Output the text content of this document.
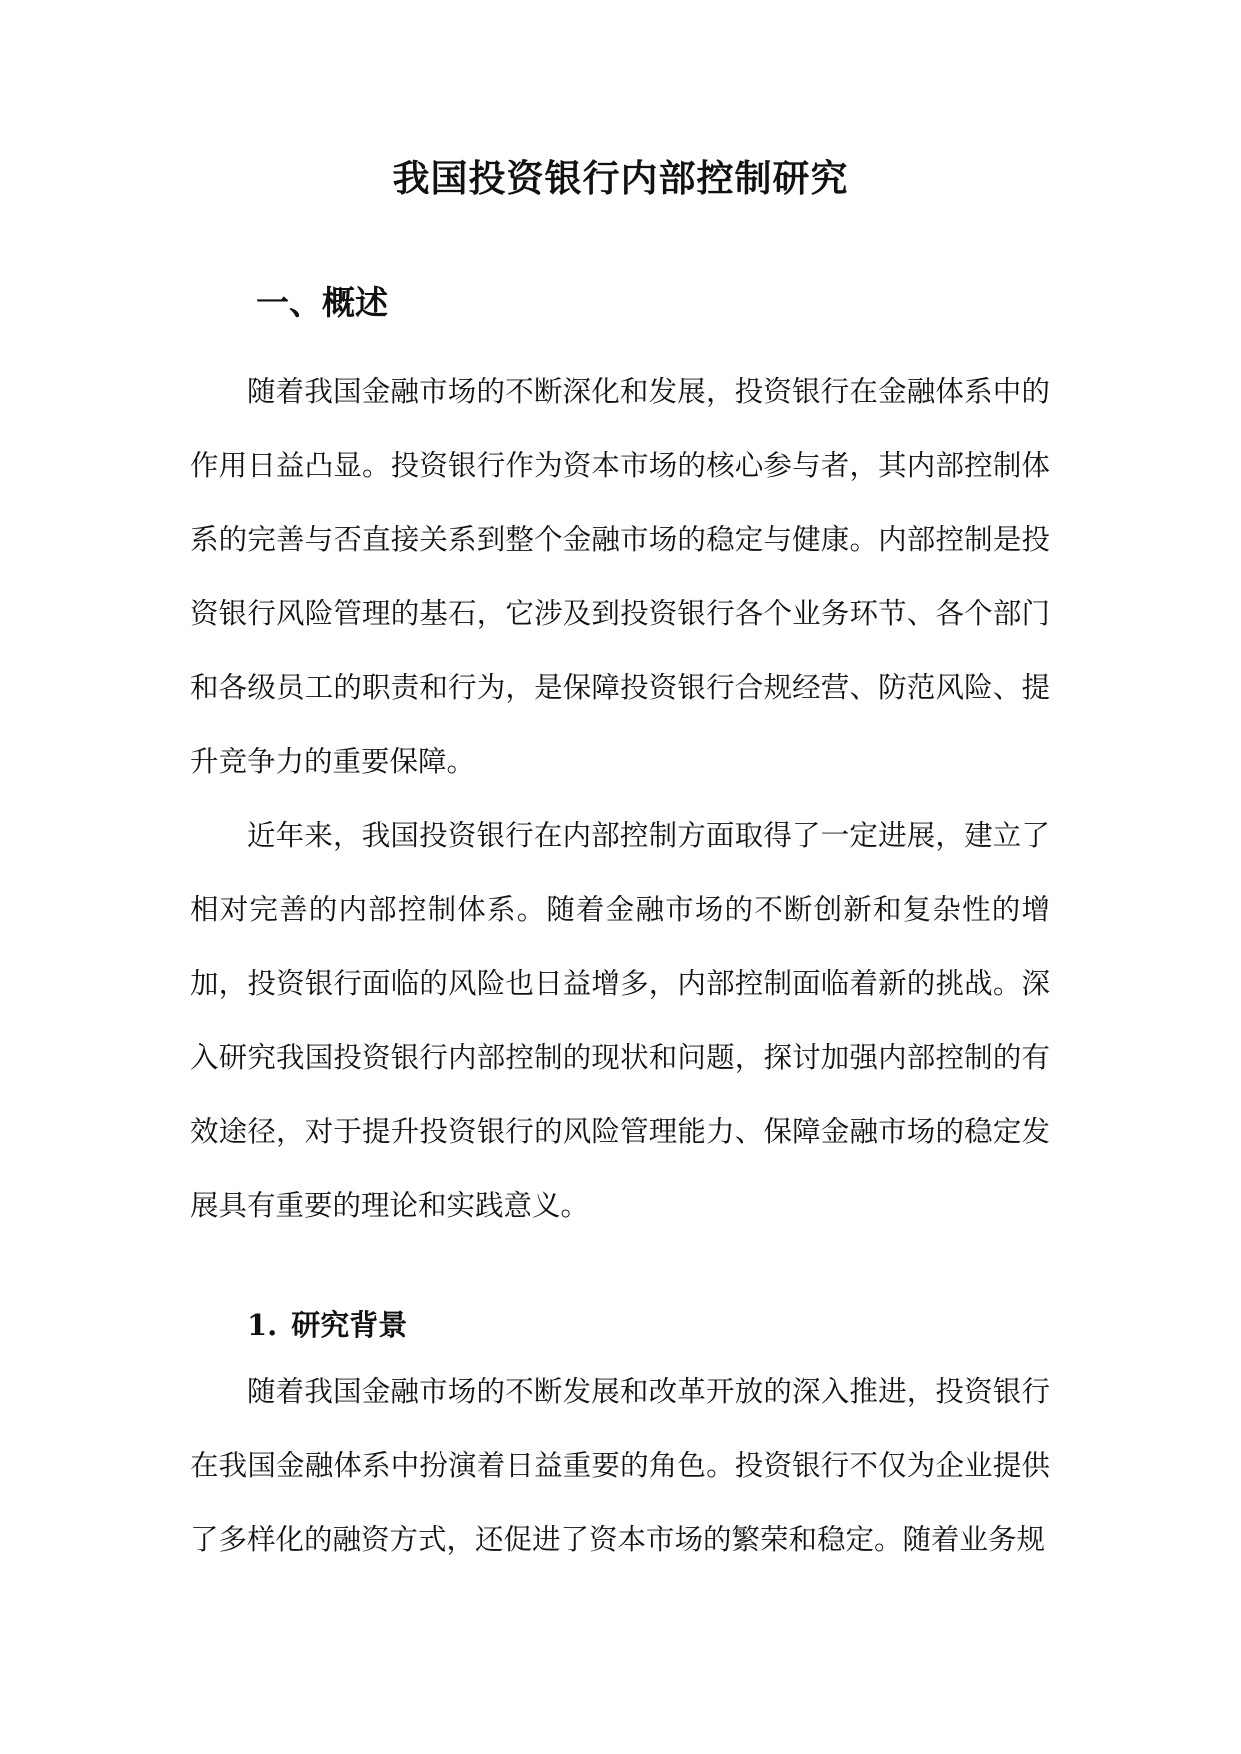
我国投资银行内部控制研究
一、概述

随着我国金融市场的不断深化和发展，投资银行在金融体系中的作用日益凸显。投资银行作为资本市场的核心参与者，其内部控制体系的完善与否直接关系到整个金融市场的稳定与健康。内部控制是投资银行风险管理的基石，它涉及到投资银行各个业务环节、各个部门和各级员工的职责和行为，是保障投资银行合规经营、防范风险、提升竞争力的重要保障。

近年来，我国投资银行在内部控制方面取得了一定进展，建立了相对完善的内部控制体系。随着金融市场的不断创新和复杂性的增加，投资银行面临的风险也日益增多，内部控制面临着新的挑战。深入研究我国投资银行内部控制的现状和问题，探讨加强内部控制的有效途径，对于提升投资银行的风险管理能力、保障金融市场的稳定发展具有重要的理论和实践意义。

1. 研究背景

随着我国金融市场的不断发展和改革开放的深入推进，投资银行在我国金融体系中扮演着日益重要的角色。投资银行不仅为企业提供了多样化的融资方式，还促进了资本市场的繁荣和稳定。随着业务规
